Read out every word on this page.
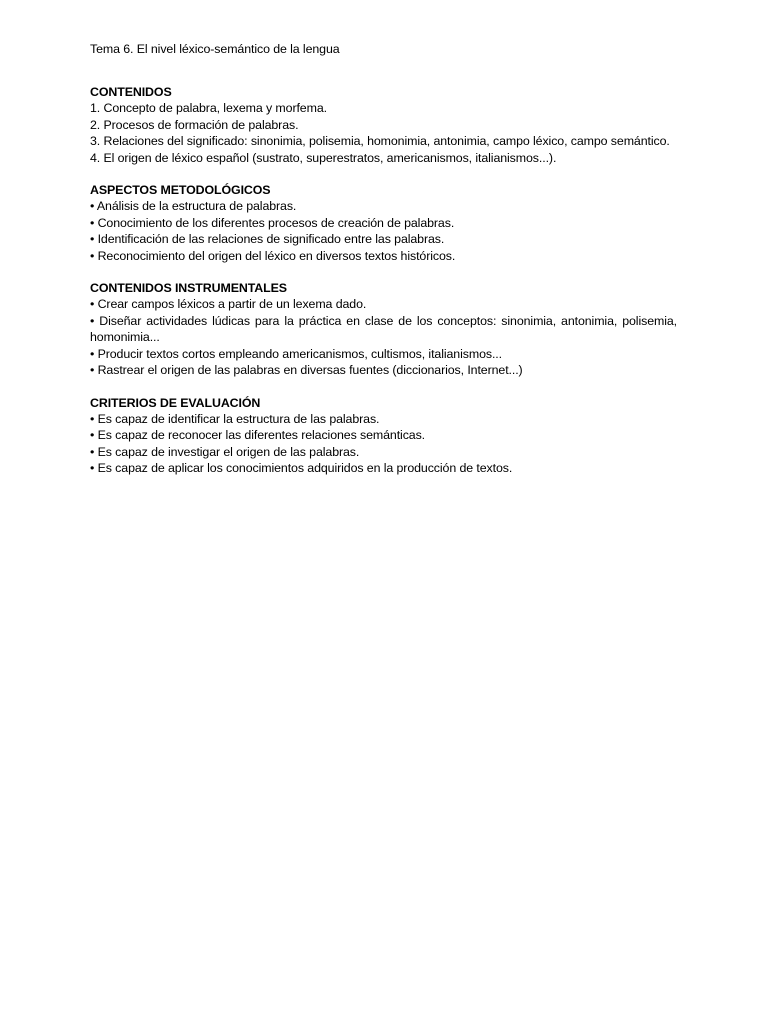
Tema 6. El nivel léxico-semántico de la lengua
CONTENIDOS
1. Concepto de palabra, lexema y morfema.
2. Procesos de formación de palabras.
3. Relaciones del significado: sinonimia, polisemia, homonimia, antonimia, campo léxico, campo semántico.
4. El origen de léxico español (sustrato, superestratos, americanismos, italianismos...).
ASPECTOS METODOLÓGICOS
• Análisis de la estructura de palabras.
• Conocimiento de los diferentes procesos de creación de palabras.
• Identificación de las relaciones de significado entre las palabras.
• Reconocimiento del origen del léxico en diversos textos históricos.
CONTENIDOS INSTRUMENTALES
• Crear campos léxicos a partir de un lexema dado.
• Diseñar actividades lúdicas para la práctica en clase de los conceptos: sinonimia, antonimia, polisemia, homonimia...
• Producir textos cortos empleando americanismos, cultismos, italianismos...
• Rastrear el origen de las palabras en diversas fuentes (diccionarios, Internet...)
CRITERIOS DE EVALUACIÓN
• Es capaz de identificar la estructura de las palabras.
• Es capaz de reconocer las diferentes relaciones semánticas.
• Es capaz de investigar el origen de las palabras.
• Es capaz de aplicar los conocimientos adquiridos en la producción de textos.
